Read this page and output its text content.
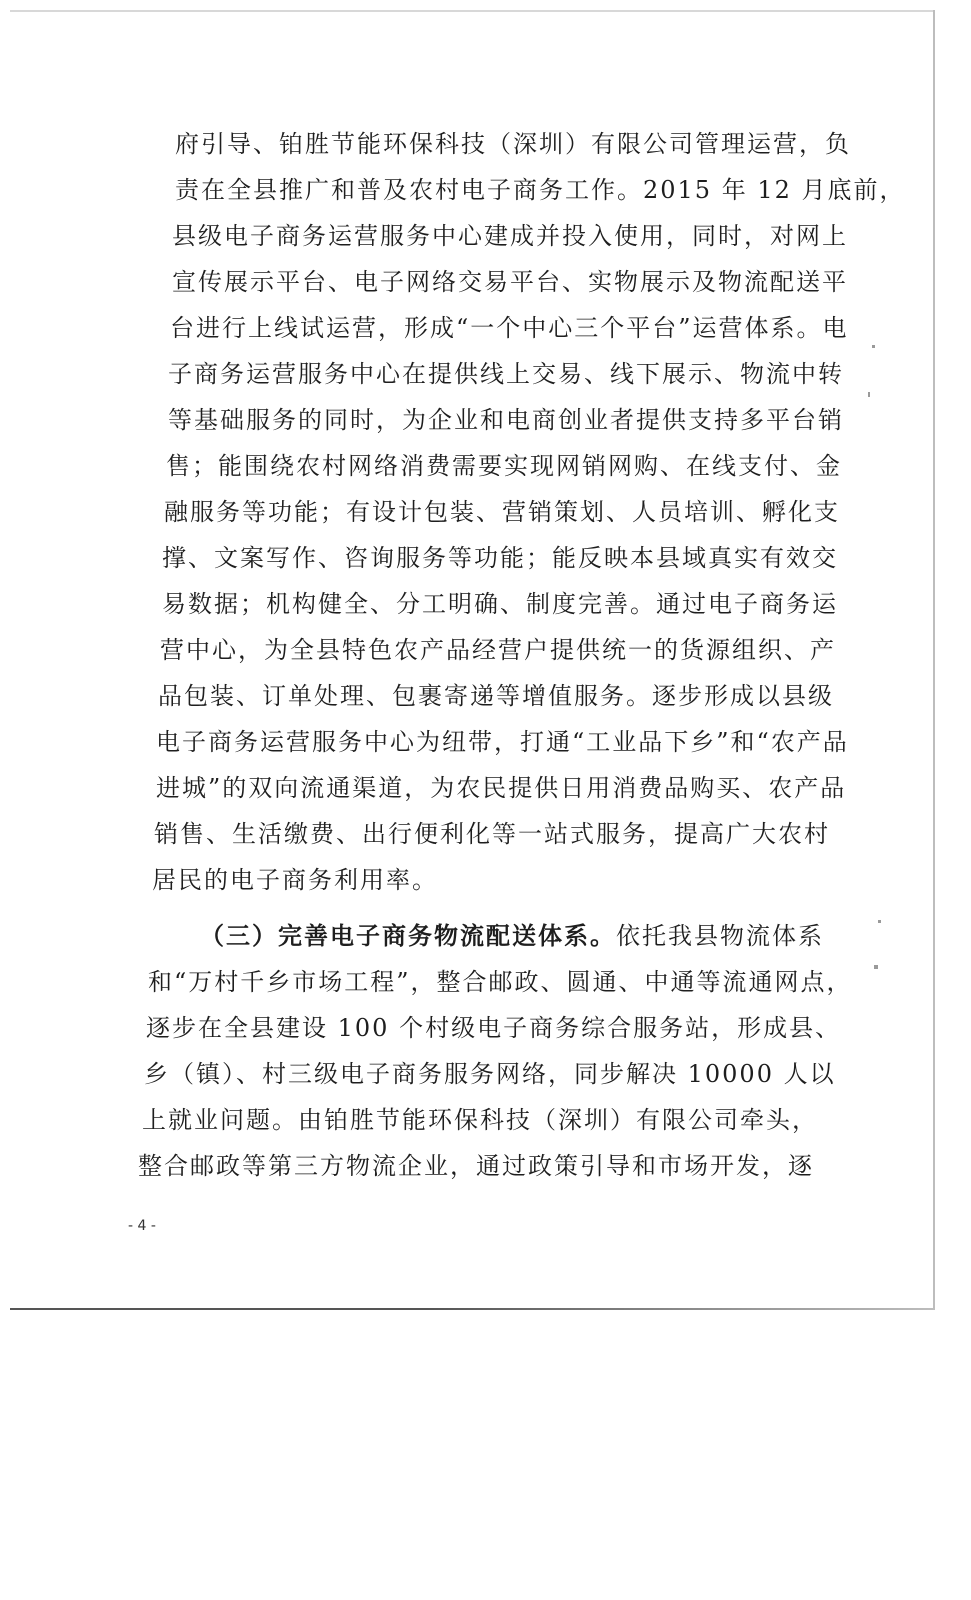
府引导、铂胜节能环保科技（深圳）有限公司管理运营，负
责在全县推广和普及农村电子商务工作。2015 年 12 月底前，
县级电子商务运营服务中心建成并投入使用，同时，对网上
宣传展示平台、电子网络交易平台、实物展示及物流配送平
台进行上线试运营，形成“一个中心三个平台”运营体系。电
子商务运营服务中心在提供线上交易、线下展示、物流中转
等基础服务的同时，为企业和电商创业者提供支持多平台销
售；能围绕农村网络消费需要实现网销网购、在线支付、金
融服务等功能；有设计包装、营销策划、人员培训、孵化支
撑、文案写作、咨询服务等功能；能反映本县域真实有效交
易数据；机构健全、分工明确、制度完善。通过电子商务运
营中心，为全县特色农产品经营户提供统一的货源组织、产
品包装、订单处理、包裹寄递等增值服务。逐步形成以县级
电子商务运营服务中心为纽带，打通“工业品下乡”和“农产品
进城”的双向流通渠道，为农民提供日用消费品购买、农产品
销售、生活缴费、出行便利化等一站式服务，提高广大农村
居民的电子商务利用率。
（三）完善电子商务物流配送体系。依托我县物流体系
和“万村千乡市场工程”，整合邮政、圆通、中通等流通网点，
逐步在全县建设 100 个村级电子商务综合服务站，形成县、
乡（镇）、村三级电子商务服务网络，同步解决 10000 人以
上就业问题。由铂胜节能环保科技（深圳）有限公司牵头，
整合邮政等第三方物流企业，通过政策引导和市场开发，逐
- 4 -
